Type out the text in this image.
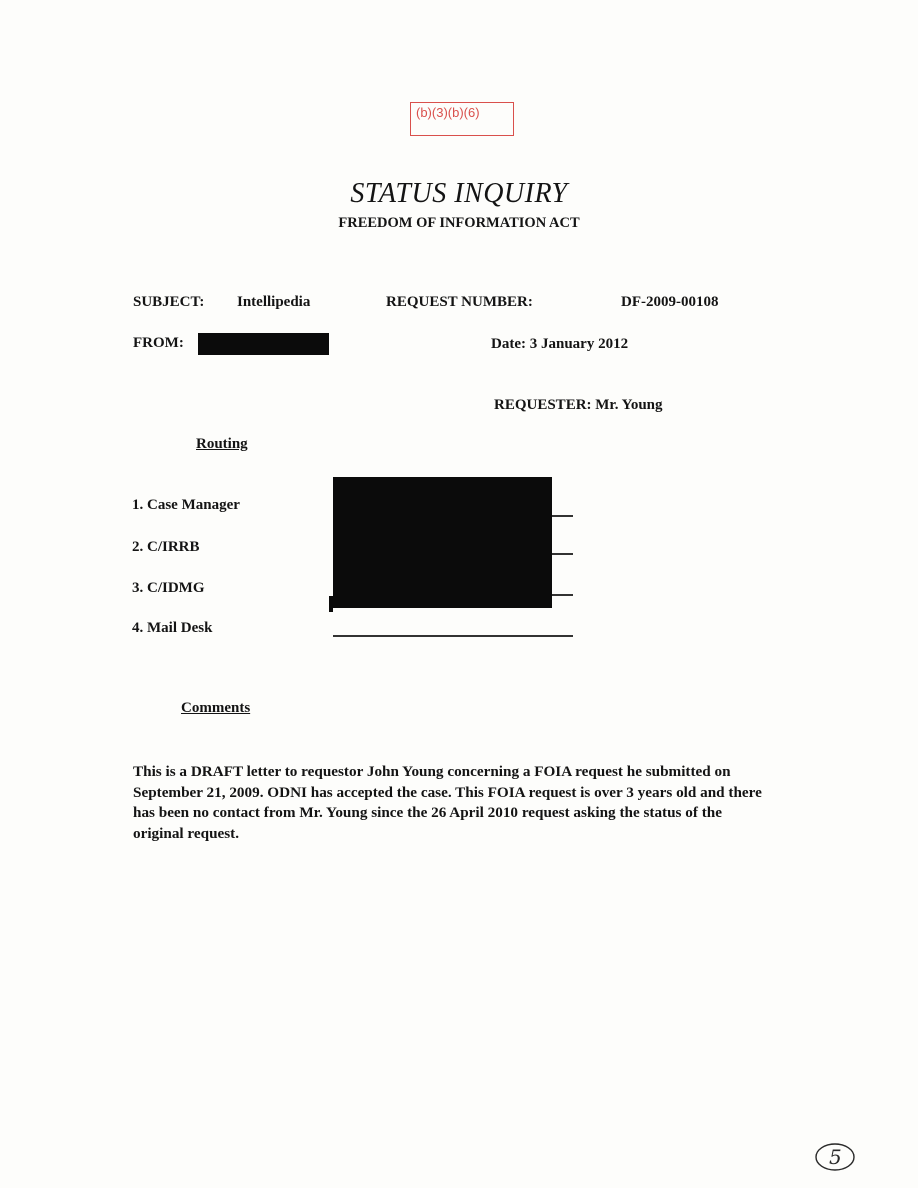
(b)(3)(b)(6)
STATUS INQUIRY
FREEDOM OF INFORMATION ACT
SUBJECT: Intellipedia	REQUEST NUMBER:	DF-2009-00108
FROM:	Date: 3 January 2012
REQUESTER: Mr. Young
Routing
1. Case Manager
2. C/IRRB
3. C/IDMG
4. Mail Desk
Comments
This is a DRAFT letter to requestor John Young concerning a FOIA request he submitted on September 21, 2009. ODNI has accepted the case. This FOIA request is over 3 years old and there has been no contact from Mr. Young since the 26 April 2010 request asking the status of the original request.
5
